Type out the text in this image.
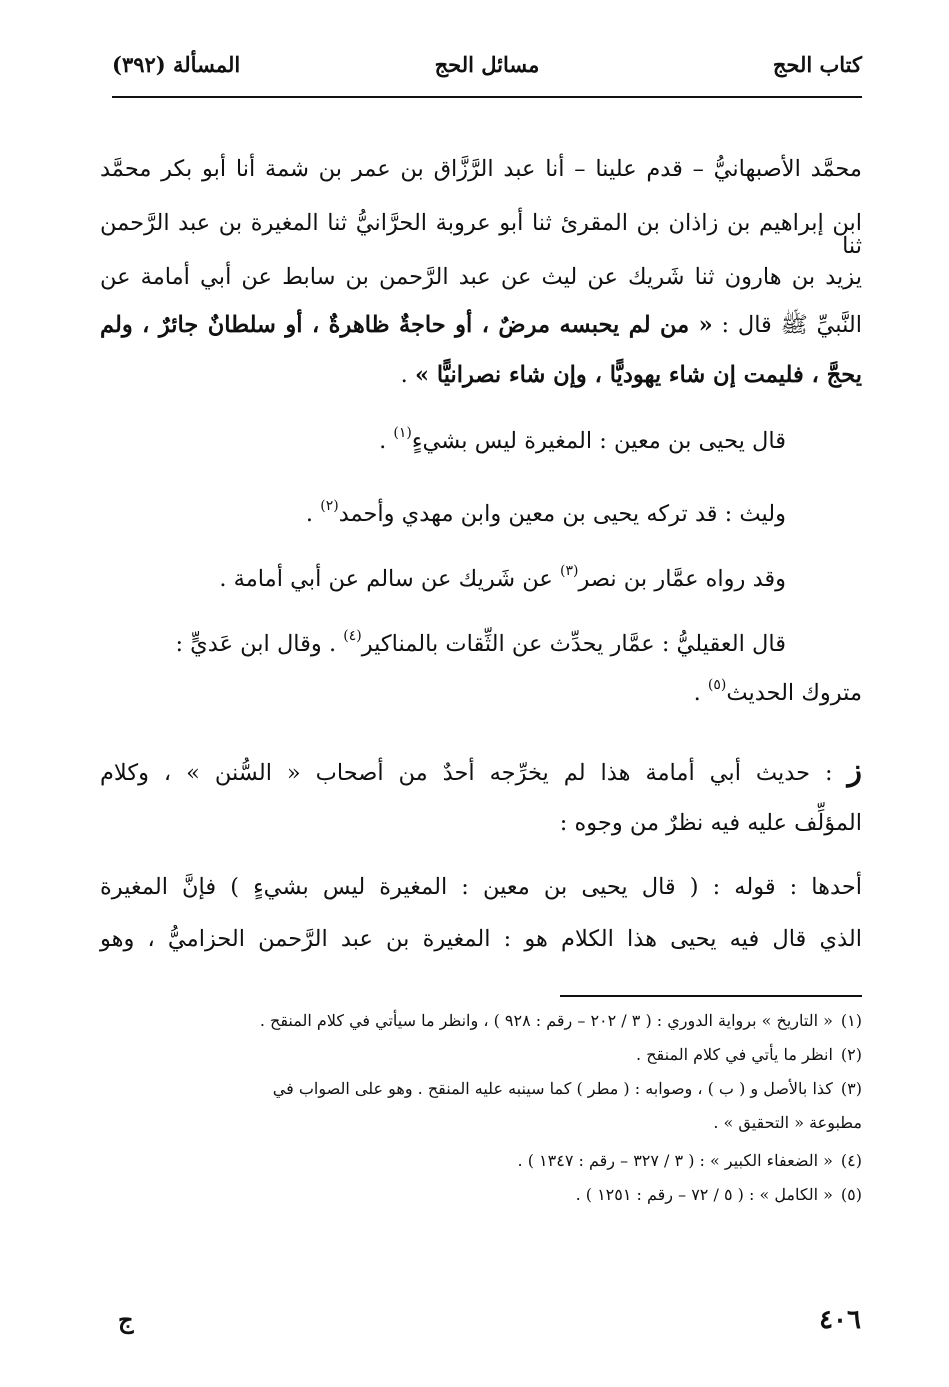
كتاب الحج
مسائل الحج
المسألة (٣٩٢)
محمَّد الأصبهانيُّ – قدم علينا – أنا عبد الرَّزَّاق بن عمر بن شمة أنا أبو بكر محمَّد
ابن إبراهيم بن زاذان بن المقرئ ثنا أبو عروبة الحرَّانيُّ ثنا المغيرة بن عبد الرَّحمن ثنا
يزيد بن هارون ثنا شَريك عن ليث عن عبد الرَّحمن بن سابط عن أبي أمامة عن
النَّبيِّ ﷺ قال : « من لم يحبسه مرضٌ ، أو حاجةٌ ظاهرةٌ ، أو سلطانٌ جائرٌ ، ولم
يحجَّ ، فليمت إن شاء يهوديًّا ، وإن شاء نصرانيًّا » .
قال يحيى بن معين : المغيرة ليس بشيءٍ$^{(١)}$ .
وليث : قد تركه يحيى بن معين وابن مهدي وأحمد$^{(٢)}$ .
وقد رواه عمَّار بن نصر$^{(٣)}$ عن شَريك عن سالم عن أبي أمامة .
قال العقيليُّ : عمَّار يحدِّث عن الثِّقات بالمناكير$^{(٤)}$ . وقال ابن عَديٍّ :
متروك الحديث$^{(٥)}$ .
ز : حديث أبي أمامة هذا لم يخرِّجه أحدٌ من أصحاب « السُّنن » ، وكلام
المؤلِّف عليه فيه نظرٌ من وجوه :
أحدها : قوله : ( قال يحيى بن معين : المغيرة ليس بشيءٍ ) فإنَّ المغيرة
الذي قال فيه يحيى هذا الكلام هو : المغيرة بن عبد الرَّحمن الحزاميُّ ، وهو
(١)« التاريخ » برواية الدوري : ( ٣ / ٢٠٢ – رقم : ٩٢٨ ) ، وانظر ما سيأتي في كلام المنقح .
(٢)انظر ما يأتي في كلام المنقح .
(٣)كذا بالأصل و ( ب ) ، وصوابه : ( مطر ) كما سينبه عليه المنقح . وهو على الصواب في
مطبوعة « التحقيق » .
(٤)« الضعفاء الكبير » : ( ٣ / ٣٢٧ – رقم : ١٣٤٧ ) .
(٥)« الكامل » : ( ٥ / ٧٢ – رقم : ١٢٥١ ) .
٤٠٦
ج
